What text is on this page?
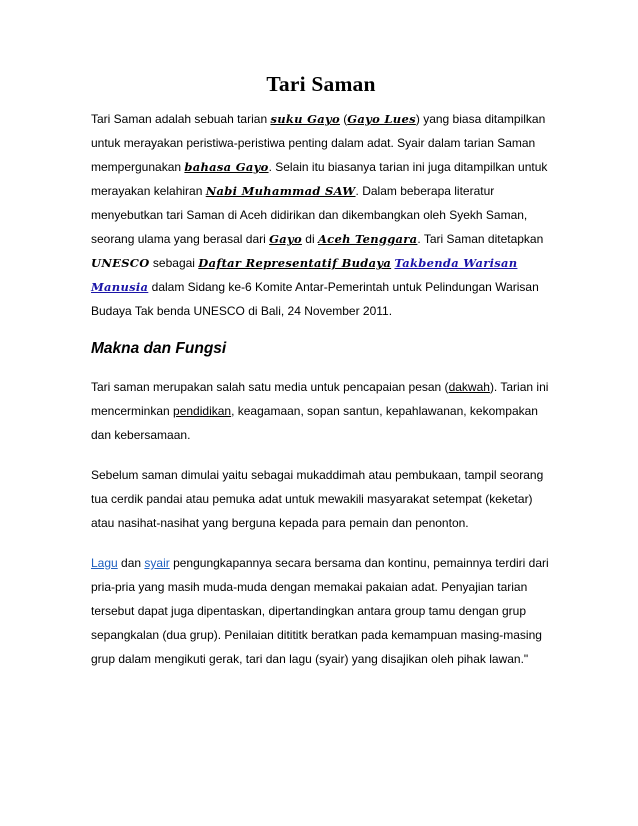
Tari Saman

Tari Saman adalah sebuah tarian suku Gayo (Gayo Lues) yang biasa ditampilkan untuk merayakan peristiwa-peristiwa penting dalam adat. Syair dalam tarian Saman mempergunakan bahasa Gayo. Selain itu biasanya tarian ini juga ditampilkan untuk merayakan kelahiran Nabi Muhammad SAW. Dalam beberapa literatur menyebutkan tari Saman di Aceh didirikan dan dikembangkan oleh Syekh Saman, seorang ulama yang berasal dari Gayo di Aceh Tenggara. Tari Saman ditetapkan UNESCO sebagai Daftar Representatif Budaya Takbenda Warisan Manusia dalam Sidang ke-6 Komite Antar-Pemerintah untuk Pelindungan Warisan Budaya Tak benda UNESCO di Bali, 24 November 2011.

Makna dan Fungsi

Tari saman merupakan salah satu media untuk pencapaian pesan (dakwah). Tarian ini mencerminkan pendidikan, keagamaan, sopan santun, kepahlawanan, kekompakan dan kebersamaan.

Sebelum saman dimulai yaitu sebagai mukaddimah atau pembukaan, tampil seorang tua cerdik pandai atau pemuka adat untuk mewakili masyarakat setempat (keketar) atau nasihat-nasihat yang berguna kepada para pemain dan penonton.

Lagu dan syair pengungkapannya secara bersama dan kontinu, pemainnya terdiri dari pria-pria yang masih muda-muda dengan memakai pakaian adat. Penyajian tarian tersebut dapat juga dipentaskan, dipertandingkan antara group tamu dengan grup sepangkalan (dua grup). Penilaian ditititk beratkan pada kemampuan masing-masing grup dalam mengikuti gerak, tari dan lagu (syair) yang disajikan oleh pihak lawan."
